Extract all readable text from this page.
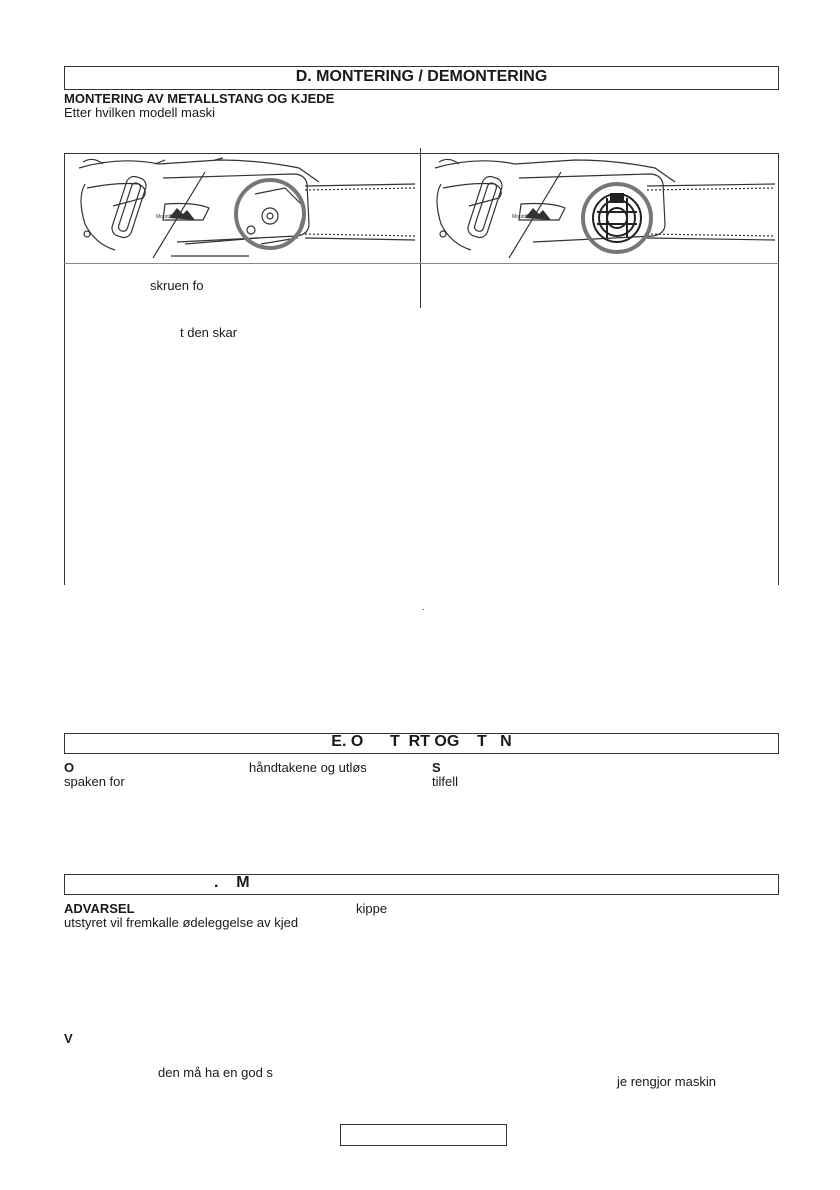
D. MONTERING / DEMONTERING
MONTERING AV METALLSTANG OG KJEDE
Etter hvilken modell maski
Mountfield	Mountfield
skruen fo
t den skar
.
E. O      T  RT OG    T   N
O	håndtakene og utløs
spaken for
S
tilfell
.    M
ADVARSEL	kippe
utstyret vil fremkalle ødeleggelse av kjed
V
den må ha en god s
je rengjor maskin
